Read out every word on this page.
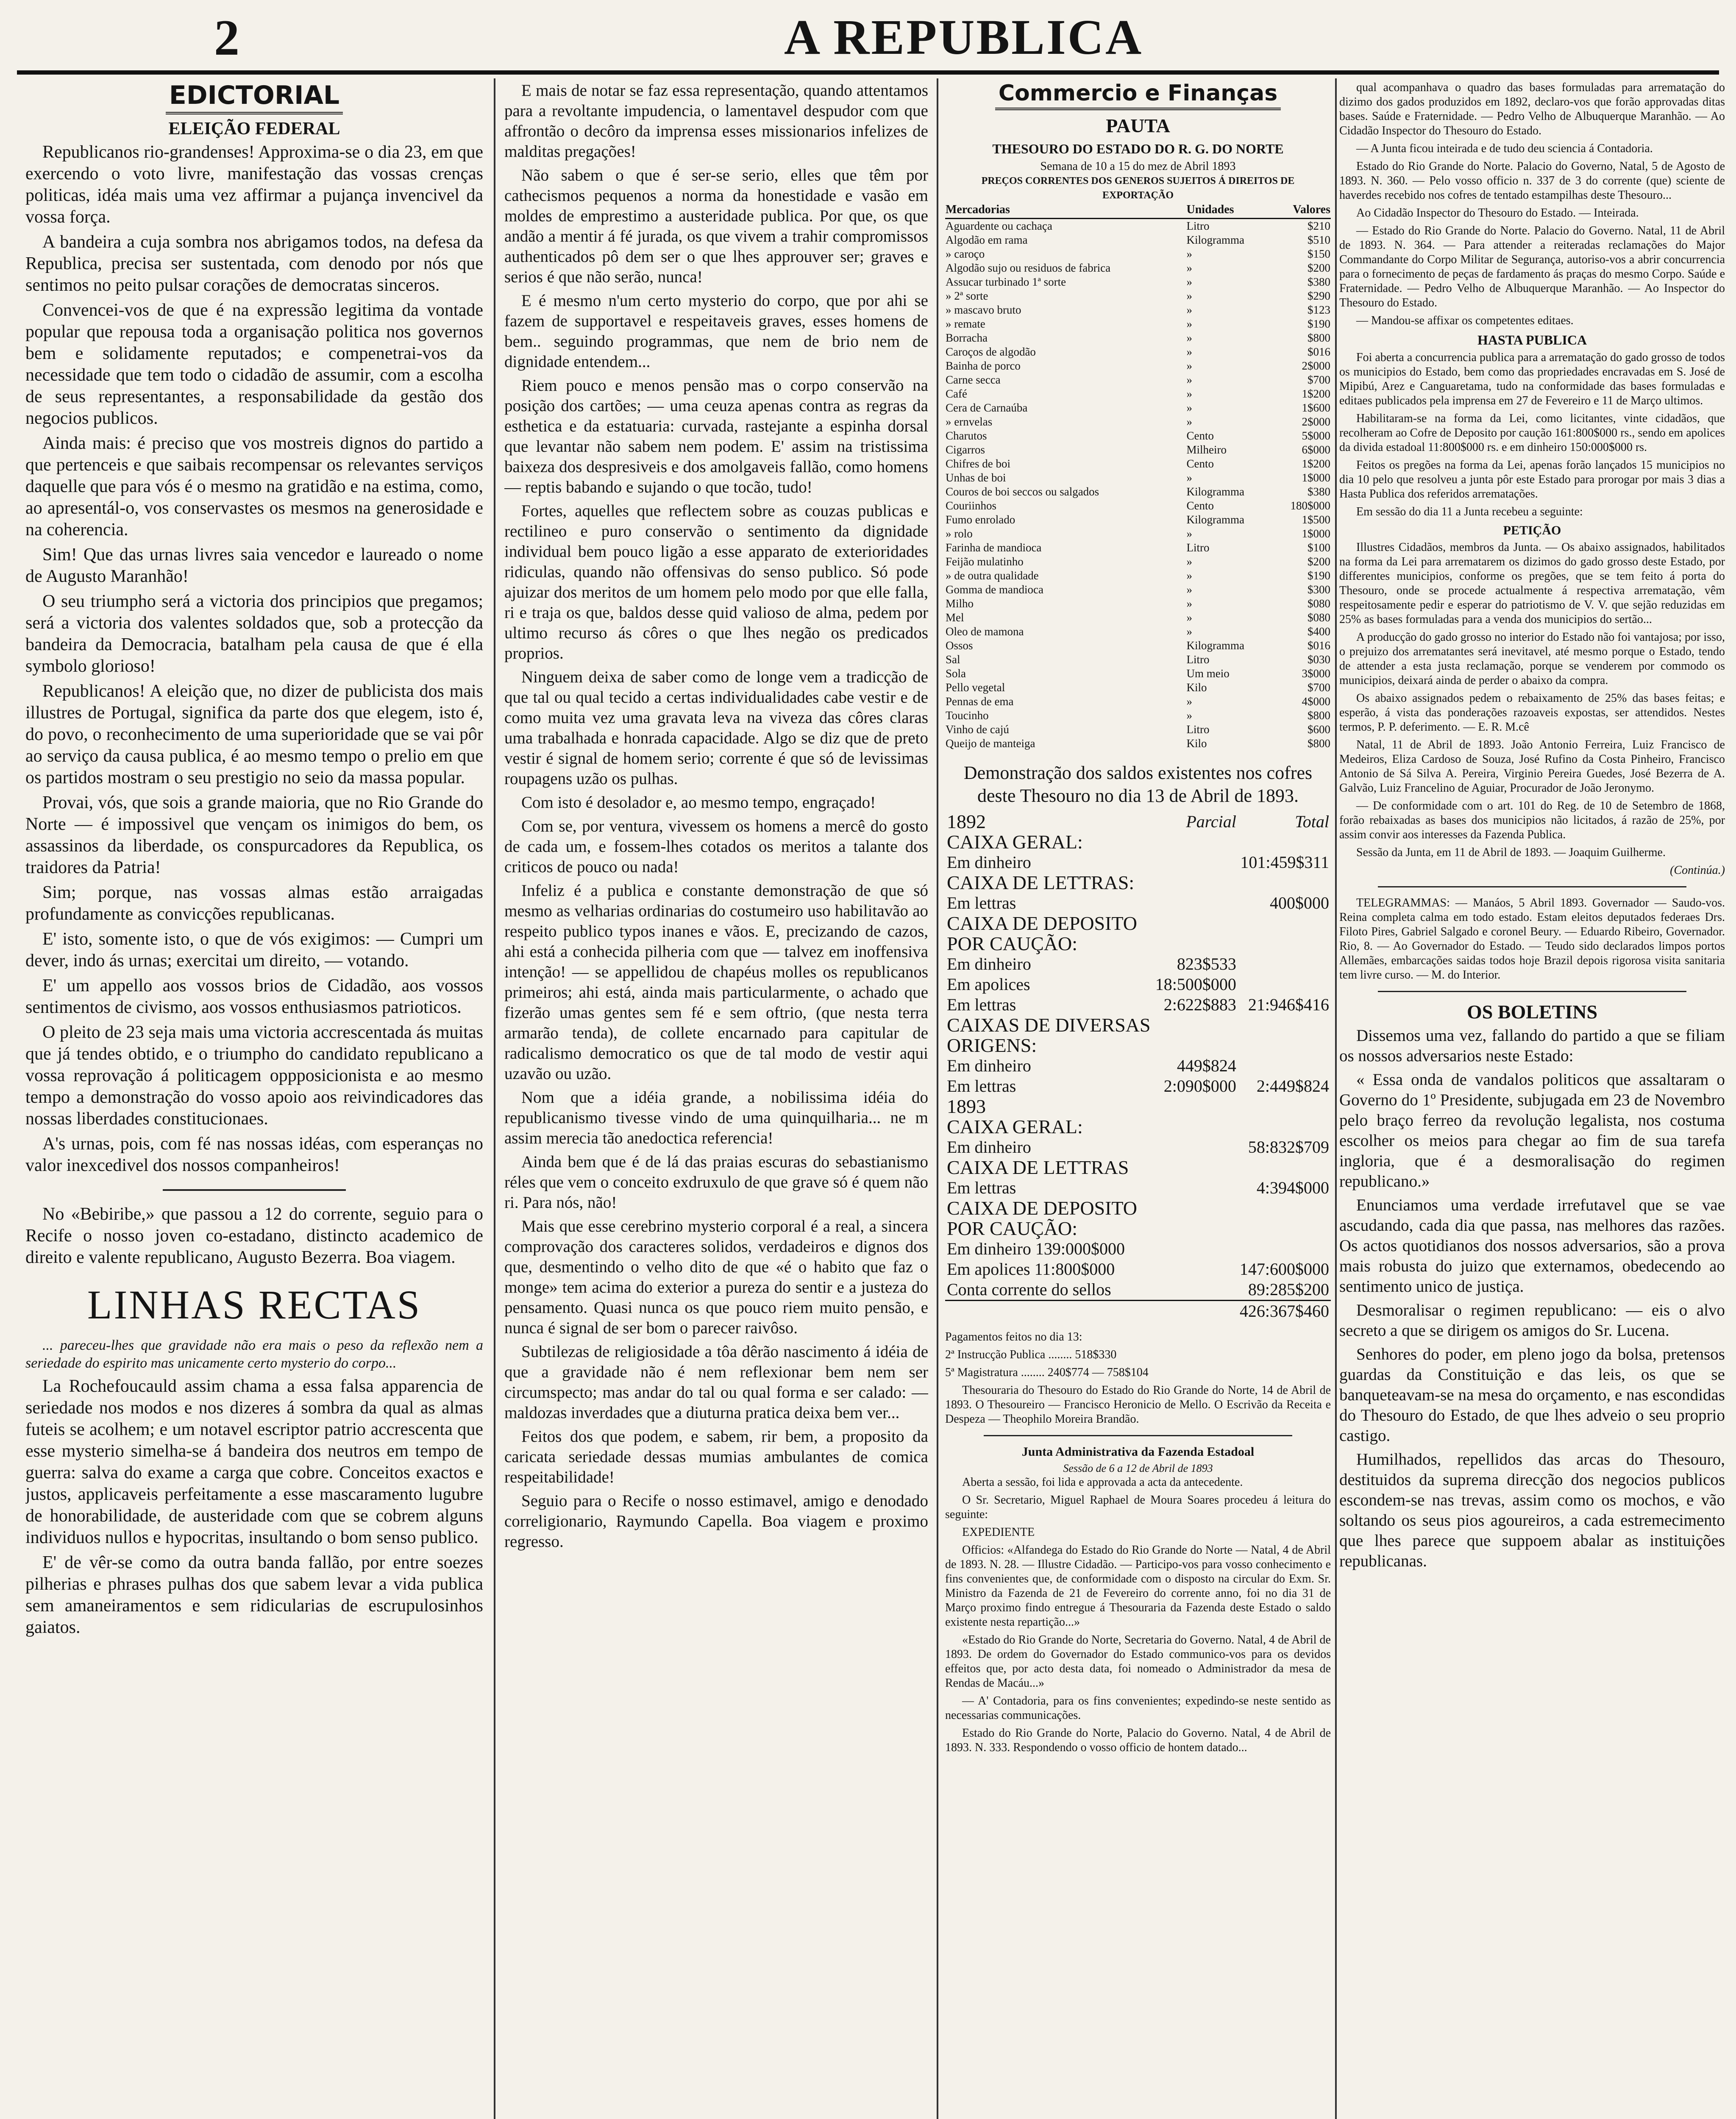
2	A REPUBLICA
EDICTORIAL
ELEIÇÃO FEDERAL

Republicanos rio-grandenses! Approxima-se o dia 23, em que exercendo o voto livre, manifestação das vossas crenças politicas, idéa mais uma vez affirmar a pujança invencivel da vossa força.

A bandeira a cuja sombra nos abrigamos todos, na defesa da Republica, precisa ser sustentada, com denodo por nós que sentimos no peito pulsar corações de democratas sinceros.

Convencei-vos de que é na expressão legitima da vontade popular que repousa toda a organisação politica nos governos bem e solidamente reputados; e compenetrai-vos da necessidade que tem todo o cidadão de assumir, com a escolha de seus representantes, a responsabilidade da gestão dos negocios publicos.

Ainda mais: é preciso que vos mostreis dignos do partido a que pertenceis e que saibais recompensar os relevantes serviços daquelle que para vós é o mesmo na gratidão e na estima, como, ao apresentál-o, vos conservastes os mesmos na generosidade e na coherencia.

Sim! Que das urnas livres saia vencedor e laureado o nome de Augusto Maranhão!

O seu triumpho será a victoria dos principios que pregamos; será a victoria dos valentes soldados que, sob a protecção da bandeira da Democracia, batalham pela causa de que é ella symbolo glorioso!

Republicanos! A eleição que, no dizer de publicista dos mais illustres de Portugal, significa da parte dos que elegem, isto é, do povo, o reconhecimento de uma superioridade que se vai pôr ao serviço da causa publica, é ao mesmo tempo o prelio em que os partidos mostram o seu prestigio no seio da massa popular.

Provai, vós, que sois a grande maioria, que no Rio Grande do Norte — é impossivel que vençam os inimigos do bem, os assassinos da liberdade, os conspurcadores da Republica, os traidores da Patria!

Sim; porque, nas vossas almas estão arraigadas profundamente as convicções republicanas.

E' isto, somente isto, o que de vós exigimos: — Cumpri um dever, indo ás urnas; exercitai um direito, — votando.

E' um appello aos vossos brios de Cidadão, aos vossos sentimentos de civismo, aos vossos enthusiasmos patrioticos.

O pleito de 23 seja mais uma victoria accrescentada ás muitas que já tendes obtido, e o triumpho do candidato republicano a vossa reprovação á politicagem oppposicionista e ao mesmo tempo a demonstração do vosso apoio aos reivindicadores das nossas liberdades constitucionaes.

A's urnas, pois, com fé nas nossas idéas, com esperanças no valor inexcedivel dos nossos companheiros!

No «Bebiribe,» que passou a 12 do corrente, seguio para o Recife o nosso joven co-estadano, distincto academico de direito e valente republicano, Augusto Bezerra. Boa viagem.

LINHAS RECTAS

... pareceu-lhes que gravidade não era mais o peso da reflexão nem a seriedade do espirito mas unicamente certo mysterio do corpo...

La Rochefoucauld assim chama a essa falsa apparencia de seriedade nos modos e nos dizeres á sombra da qual as almas futeis se acolhem; e um notavel escriptor patrio accrescenta que esse mysterio simelha-se á bandeira dos neutros em tempo de guerra: salva do exame a carga que cobre. Conceitos exactos e justos, applicaveis perfeitamente a esse mascaramento lugubre de honorabilidade, de austeridade com que se cobrem alguns individuos nullos e hypocritas, insultando o bom senso publico.

E' de vêr-se como da outra banda fallão, por entre soezes pilherias e phrases pulhas dos que sabem levar a vida publica sem amaneiramentos e sem ridicularias de escrupulosinhos gaiatos.

E mais de notar se faz essa representação, quando attentamos para a revoltante impudencia, o lamentavel despudor com que affrontão o decôro da imprensa esses missionarios infelizes de malditas pregações!

Não sabem o que é ser-se serio, elles que têm por cathecismos pequenos a norma da honestidade e vasão em moldes de emprestimo a austeridade publica. Por que, os que andão a mentir á fé jurada, os que vivem a trahir compromissos authenticados pô dem ser o que lhes approuver ser; graves e serios é que não serão, nunca!

E é mesmo n'um certo mysterio do corpo, que por ahi se fazem de supportavel e respeitaveis graves, esses homens de bem.. seguindo programmas, que nem de brio nem de dignidade entendem...

Riem pouco e menos pensão mas o corpo conservão na posição dos cartões; — uma ceuza apenas contra as regras da esthetica e da estatuaria: curvada, rastejante a espinha dorsal que levantar não sabem nem podem. E' assim na tristissima baixeza dos despresiveis e dos amolgaveis fallão, como homens — reptis babando e sujando o que tocão, tudo!

Fortes, aquelles que reflectem sobre as couzas publicas e rectilineo e puro conservão o sentimento da dignidade individual bem pouco ligão a esse apparato de exterioridades ridiculas, quando não offensivas do senso publico. Só pode ajuizar dos meritos de um homem pelo modo por que elle falla, ri e traja os que, baldos desse quid valioso de alma, pedem por ultimo recurso ás côres o que lhes negão os predicados proprios.

Ninguem deixa de saber como de longe vem a tradicção de que tal ou qual tecido a certas individualidades cabe vestir e de como muita vez uma gravata leva na viveza das côres claras uma trabalhada e honrada capacidade. Algo se diz que de preto vestir é signal de homem serio; corrente é que só de levissimas roupagens uzão os pulhas.

Com isto é desolador e, ao mesmo tempo, engraçado!

Com se, por ventura, vivessem os homens a mercê do gosto de cada um, e fossem-lhes cotados os meritos a talante dos criticos de pouco ou nada!

Infeliz é a publica e constante demonstração de que só mesmo as velharias ordinarias do costumeiro uso habilitavão ao respeito publico typos inanes e vãos. E, precizando de cazos, ahi está a conhecida pilheria com que — talvez em inoffensiva intenção! — se appellidou de chapéus molles os republicanos primeiros; ahi está, ainda mais particularmente, o achado que fizerão umas gentes sem fé e sem oftrio, (que nesta terra armarão tenda), de collete encarnado para capitular de radicalismo democratico os que de tal modo de vestir aqui uzavão ou uzão.

Nom que a idéia grande, a nobilissima idéia do republicanismo tivesse vindo de uma quinquilharia... ne m assim merecia tão anedoctica referencia!

Ainda bem que é de lá das praias escuras do sebastianismo réles que vem o conceito exdruxulo de que grave só é quem não ri. Para nós, não!

Mais que esse cerebrino mysterio corporal é a real, a sincera comprovação dos caracteres solidos, verdadeiros e dignos dos que, desmentindo o velho dito de que «é o habito que faz o monge» tem acima do exterior a pureza do sentir e a justeza do pensamento. Quasi nunca os que pouco riem muito pensão, e nunca é signal de ser bom o parecer raivôso.

Subtilezas de religiosidade a tôa dêrão nascimento á idéia de que a gravidade não é nem reflexionar bem nem ser circumspecto; mas andar do tal ou qual forma e ser calado: — maldozas inverdades que a diuturna pratica deixa bem ver...

Feitos dos que podem, e sabem, rir bem, a proposito da caricata seriedade dessas mumias ambulantes de comica respeitabilidade!

Seguio para o Recife o nosso estimavel, amigo e denodado correligionario, Raymundo Capella. Boa viagem e proximo regresso.

Commercio e Finanças
PAUTA
THESOURO DO ESTADO DO R. G. DO NORTE
Semana de 10 a 15 do mez de Abril 1893
PREÇOS CORRENTES DOS GENEROS SUJEITOS Á DIREITOS DE EXPORTAÇÃO
Mercadorias	Unidades	Valores
Aguardente ou cachaça	Litro	$210
Algodão em rama	Kilogramma	$510
» caroço	»	$150
Algodão sujo ou residuos de fabrica	»	$200
Assucar turbinado 1ª sorte	»	$380
» 2ª sorte	»	$290
» mascavo bruto	»	$123
» remate	»	$190
Borracha	»	$800
Caroços de algodão	»	$016
Bainha de porco	»	2$000
Carne secca	»	$700
Café	»	1$200
Cera de Carnaúba	»	1$600
» ernvelas	»	2$000
Charutos	Cento	5$000
Cigarros	Milheiro	6$000
Chifres de boi	Cento	1$200
Unhas de boi	»	1$000
Couros de boi seccos ou salgados	Kilogramma	$380
Couriinhos	Cento	180$000
Fumo enrolado	Kilogramma	1$500
» rolo	»	1$000
Farinha de mandioca	Litro	$100
Feijão mulatinho	»	$200
» de outra qualidade	»	$190
Gomma de mandioca	»	$300
Milho	»	$080
Mel	»	$080
Oleo de mamona	»	$400
Ossos	Kilogramma	$016
Sal	Litro	$030
Sola	Um meio	3$000
Pello vegetal	Kilo	$700
Pennas de ema	»	4$000
Toucinho	»	$800
Vinho de cajú	Litro	$600
Queijo de manteiga	Kilo	$800
Demonstração dos saldos existentes nos cofres deste Thesouro no dia 13 de Abril de 1893.
1892	Parcial	Total
CAIXA GERAL:		
Em dinheiro		101:459$311
CAIXA DE LETTRAS:		
Em lettras		400$000
CAIXA DE DEPOSITO POR CAUÇÃO:		
Em dinheiro	823$533	
Em apolices	18:500$000	
Em lettras	2:622$883	21:946$416
CAIXAS DE DIVERSAS ORIGENS:		
Em dinheiro	449$824	
Em lettras	2:090$000	2:449$824
1893		
CAIXA GERAL:		
Em dinheiro		58:832$709
CAIXA DE LETTRAS		
Em lettras		4:394$000
CAIXA DE DEPOSITO POR CAUÇÃO:		
Em dinheiro 139:000$000		
Em apolices 11:800$000		147:600$000
Conta corrente do sellos		89:285$200
		426:367$460

Pagamentos feitos no dia 13:

2ª Instrucção Publica ........ 518$330

5ª Magistratura ........ 240$774 — 758$104

Thesouraria do Thesouro do Estado do Rio Grande do Norte, 14 de Abril de 1893. O Thesoureiro — Francisco Heronicio de Mello. O Escrivão da Receita e Despeza — Theophilo Moreira Brandão.

Junta Administrativa da Fazenda Estadoal
Sessão de 6 a 12 de Abril de 1893

Aberta a sessão, foi lida e approvada a acta da antecedente.

O Sr. Secretario, Miguel Raphael de Moura Soares procedeu á leitura do seguinte:

EXPEDIENTE

Officios: «Alfandega do Estado do Rio Grande do Norte — Natal, 4 de Abril de 1893. N. 28. — Illustre Cidadão. — Participo-vos para vosso conhecimento e fins convenientes que, de conformidade com o disposto na circular do Exm. Sr. Ministro da Fazenda de 21 de Fevereiro do corrente anno, foi no dia 31 de Março proximo findo entregue á Thesouraria da Fazenda deste Estado o saldo existente nesta repartição...»

«Estado do Rio Grande do Norte, Secretaria do Governo. Natal, 4 de Abril de 1893. De ordem do Governador do Estado communico-vos para os devidos effeitos que, por acto desta data, foi nomeado o Administrador da mesa de Rendas de Macáu...»

— A' Contadoria, para os fins convenientes; expedindo-se neste sentido as necessarias communicações.

Estado do Rio Grande do Norte, Palacio do Governo. Natal, 4 de Abril de 1893. N. 333. Respondendo o vosso officio de hontem datado...

qual acompanhava o quadro das bases formuladas para arrematação do dizimo dos gados produzidos em 1892, declaro-vos que forão approvadas ditas bases. Saúde e Fraternidade. — Pedro Velho de Albuquerque Maranhão. — Ao Cidadão Inspector do Thesouro do Estado.

— A Junta ficou inteirada e de tudo deu sciencia á Contadoria.

Estado do Rio Grande do Norte. Palacio do Governo, Natal, 5 de Agosto de 1893. N. 360. — Pelo vosso officio n. 337 de 3 do corrente (que) sciente de haverdes recebido nos cofres de tentado estampilhas deste Thesouro...

Ao Cidadão Inspector do Thesouro do Estado. — Inteirada.

— Estado do Rio Grande do Norte. Palacio do Governo. Natal, 11 de Abril de 1893. N. 364. — Para attender a reiteradas reclamações do Major Commandante do Corpo Militar de Segurança, autoriso-vos a abrir concurrencia para o fornecimento de peças de fardamento ás praças do mesmo Corpo. Saúde e Fraternidade. — Pedro Velho de Albuquerque Maranhão. — Ao Inspector do Thesouro do Estado.

— Mandou-se affixar os competentes editaes.

HASTA PUBLICA

Foi aberta a concurrencia publica para a arrematação do gado grosso de todos os municipios do Estado, bem como das propriedades encravadas em S. José de Mipibú, Arez e Canguaretama, tudo na conformidade das bases formuladas e editaes publicados pela imprensa em 27 de Fevereiro e 11 de Março ultimos.

Habilitaram-se na forma da Lei, como licitantes, vinte cidadãos, que recolheram ao Cofre de Deposito por caução 161:800$000 rs., sendo em apolices da divida estadoal 11:800$000 rs. e em dinheiro 150:000$000 rs.

Feitos os pregões na forma da Lei, apenas forão lançados 15 municipios no dia 10 pelo que resolveu a junta pôr este Estado para prorogar por mais 3 dias a Hasta Publica dos referidos arrematações.

Em sessão do dia 11 a Junta recebeu a seguinte:

PETIÇÃO

Illustres Cidadãos, membros da Junta. — Os abaixo assignados, habilitados na forma da Lei para arrematarem os dizimos do gado grosso deste Estado, por differentes municipios, conforme os pregões, que se tem feito á porta do Thesouro, onde se procede actualmente á respectiva arrematação, vêm respeitosamente pedir e esperar do patriotismo de V. V. que sejão reduzidas em 25% as bases formuladas para a venda dos municipios do sertão...

A producção do gado grosso no interior do Estado não foi vantajosa; por isso, o prejuizo dos arrematantes será inevitavel, até mesmo porque o Estado, tendo de attender a esta justa reclamação, porque se venderem por commodo os municipios, deixará ainda de perder o abaixo da compra.

Os abaixo assignados pedem o rebaixamento de 25% das bases feitas; e esperão, á vista das ponderações razoaveis expostas, ser attendidos. Nestes termos, P. P. deferimento. — E. R. M.cê

Natal, 11 de Abril de 1893. João Antonio Ferreira, Luiz Francisco de Medeiros, Eliza Cardoso de Souza, José Rufino da Costa Pinheiro, Francisco Antonio de Sá Silva A. Pereira, Virginio Pereira Guedes, José Bezerra de A. Galvão, Luiz Francelino de Aguiar, Procurador de João Jeronymo.

— De conformidade com o art. 101 do Reg. de 10 de Setembro de 1868, forão rebaixadas as bases dos municipios não licitados, á razão de 25%, por assim convir aos interesses da Fazenda Publica.

Sessão da Junta, em 11 de Abril de 1893. — Joaquim Guilherme.

(Continúa.)

TELEGRAMMAS: — Manáos, 5 Abril 1893. Governador — Saudo-vos. Reina completa calma em todo estado. Estam eleitos deputados federaes Drs. Filoto Pires, Gabriel Salgado e coronel Beury. — Eduardo Ribeiro, Governador. Rio, 8. — Ao Governador do Estado. — Teudo sido declarados limpos portos Allemães, embarcações saidas todos hoje Brazil depois rigorosa visita sanitaria tem livre curso. — M. do Interior.

OS BOLETINS

Dissemos uma vez, fallando do partido a que se filiam os nossos adversarios neste Estado:

« Essa onda de vandalos politicos que assaltaram o Governo do 1º Presidente, subjugada em 23 de Novembro pelo braço ferreo da revolução legalista, nos costuma escolher os meios para chegar ao fim de sua tarefa ingloria, que é a desmoralisação do regimen republicano.»

Enunciamos uma verdade irrefutavel que se vae ascudando, cada dia que passa, nas melhores das razões. Os actos quotidianos dos nossos adversarios, são a prova mais robusta do juizo que externamos, obedecendo ao sentimento unico de justiça.

Desmoralisar o regimen republicano: — eis o alvo secreto a que se dirigem os amigos do Sr. Lucena.

Senhores do poder, em pleno jogo da bolsa, pretensos guardas da Constituição e das leis, os que se banqueteavam-se na mesa do orçamento, e nas escondidas do Thesouro do Estado, de que lhes adveio o seu proprio castigo.

Humilhados, repellidos das arcas do Thesouro, destituidos da suprema direcção dos negocios publicos escondem-se nas trevas, assim como os mochos, e vão soltando os seus pios agoureiros, a cada estremecimento que lhes parece que suppoem abalar as instituições republicanas.
